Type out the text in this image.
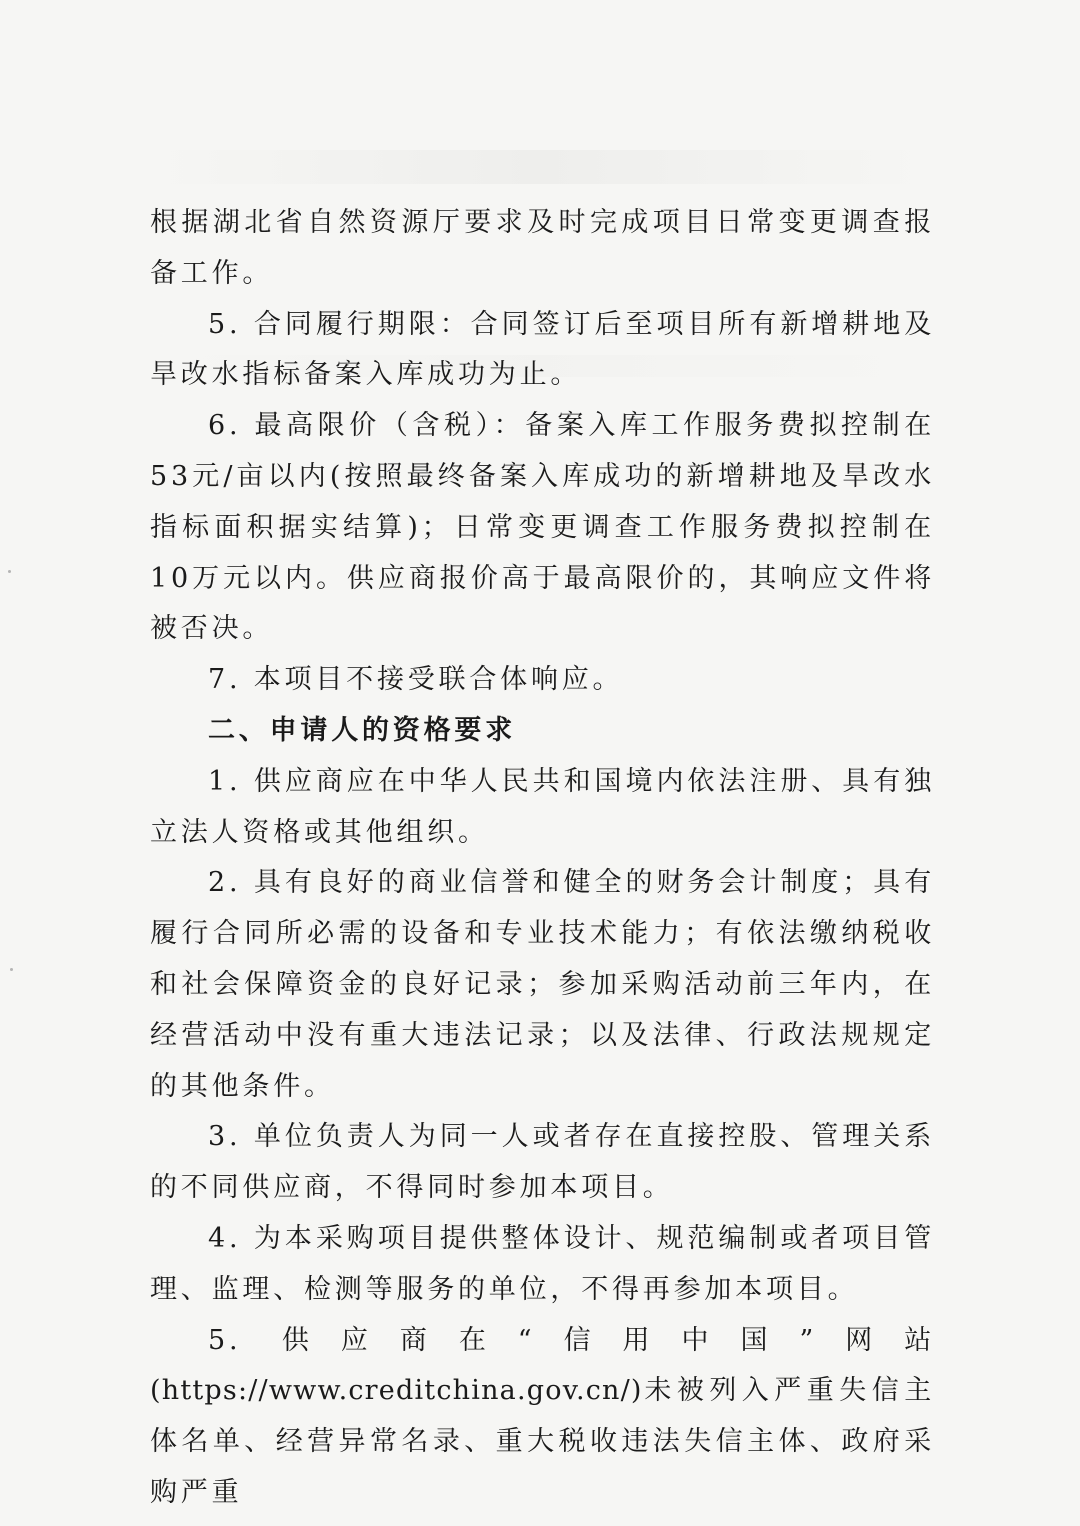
根据湖北省自然资源厅要求及时完成项目日常变更调查报备工作。

5. 合同履行期限：合同签订后至项目所有新增耕地及旱改水指标备案入库成功为止。

6. 最高限价（含税）：备案入库工作服务费拟控制在53元/亩以内(按照最终备案入库成功的新增耕地及旱改水指标面积据实结算)；日常变更调查工作服务费拟控制在10万元以内。供应商报价高于最高限价的，其响应文件将被否决。

7. 本项目不接受联合体响应。

二、申请人的资格要求

1. 供应商应在中华人民共和国境内依法注册、具有独立法人资格或其他组织。

2. 具有良好的商业信誉和健全的财务会计制度；具有履行合同所必需的设备和专业技术能力；有依法缴纳税收和社会保障资金的良好记录；参加采购活动前三年内，在经营活动中没有重大违法记录；以及法律、行政法规规定的其他条件。

3. 单位负责人为同一人或者存在直接控股、管理关系的不同供应商，不得同时参加本项目。

4. 为本采购项目提供整体设计、规范编制或者项目管理、监理、检测等服务的单位，不得再参加本项目。

5. 供应商在“信用中国”网站

(https://www.creditchina.gov.cn/)未被列入严重失信主体名单、经营异常名录、重大税收违法失信主体、政府采购严重
